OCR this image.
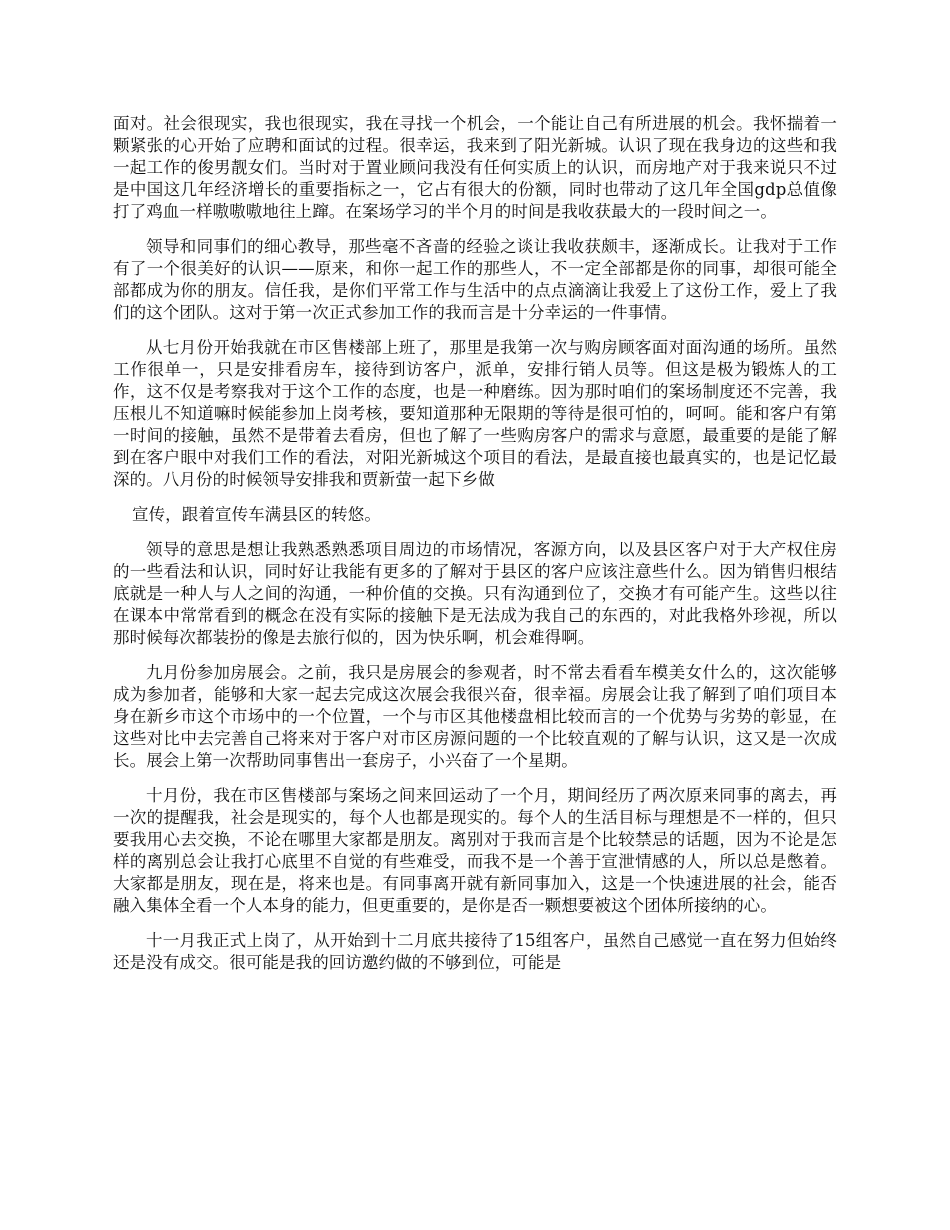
面对。社会很现实，我也很现实，我在寻找一个机会，一个能让自己有所进展的机会。我怀揣着一颗紧张的心开始了应聘和面试的过程。很幸运，我来到了阳光新城。认识了现在我身边的这些和我一起工作的俊男靓女们。当时对于置业顾问我没有任何实质上的认识，而房地产对于我来说只不过是中国这几年经济增长的重要指标之一，它占有很大的份额，同时也带动了这几年全国gdp总值像打了鸡血一样嗷嗷嗷地往上蹿。在案场学习的半个月的时间是我收获最大的一段时间之一。

领导和同事们的细心教导，那些毫不吝啬的经验之谈让我收获颇丰，逐渐成长。让我对于工作有了一个很美好的认识——原来，和你一起工作的那些人，不一定全部都是你的同事，却很可能全部都成为你的朋友。信任我，是你们平常工作与生活中的点点滴滴让我爱上了这份工作，爱上了我们的这个团队。这对于第一次正式参加工作的我而言是十分幸运的一件事情。

从七月份开始我就在市区售楼部上班了，那里是我第一次与购房顾客面对面沟通的场所。虽然工作很单一，只是安排看房车，接待到访客户，派单，安排行销人员等。但这是极为锻炼人的工作，这不仅是考察我对于这个工作的态度，也是一种磨练。因为那时咱们的案场制度还不完善，我压根儿不知道嘛时候能参加上岗考核，要知道那种无限期的等待是很可怕的，呵呵。能和客户有第一时间的接触，虽然不是带着去看房，但也了解了一些购房客户的需求与意愿，最重要的是能了解到在客户眼中对我们工作的看法，对阳光新城这个项目的看法，是最直接也最真实的，也是记忆最深的。八月份的时候领导安排我和贾新萤一起下乡做

宣传，跟着宣传车满县区的转悠。

领导的意思是想让我熟悉熟悉项目周边的市场情况，客源方向，以及县区客户对于大产权住房的一些看法和认识，同时好让我能有更多的了解对于县区的客户应该注意些什么。因为销售归根结底就是一种人与人之间的沟通，一种价值的交换。只有沟通到位了，交换才有可能产生。这些以往在课本中常常看到的概念在没有实际的接触下是无法成为我自己的东西的，对此我格外珍视，所以那时候每次都装扮的像是去旅行似的，因为快乐啊，机会难得啊。

九月份参加房展会。之前，我只是房展会的参观者，时不常去看看车模美女什么的，这次能够成为参加者，能够和大家一起去完成这次展会我很兴奋，很幸福。房展会让我了解到了咱们项目本身在新乡市这个市场中的一个位置，一个与市区其他楼盘相比较而言的一个优势与劣势的彰显，在这些对比中去完善自己将来对于客户对市区房源问题的一个比较直观的了解与认识，这又是一次成长。展会上第一次帮助同事售出一套房子，小兴奋了一个星期。

十月份，我在市区售楼部与案场之间来回运动了一个月，期间经历了两次原来同事的离去，再一次的提醒我，社会是现实的，每个人也都是现实的。每个人的生活目标与理想是不一样的，但只要我用心去交换，不论在哪里大家都是朋友。离别对于我而言是个比较禁忌的话题，因为不论是怎样的离别总会让我打心底里不自觉的有些难受，而我不是一个善于宣泄情感的人，所以总是憋着。大家都是朋友，现在是，将来也是。有同事离开就有新同事加入，这是一个快速进展的社会，能否融入集体全看一个人本身的能力，但更重要的，是你是否一颗想要被这个团体所接纳的心。

十一月我正式上岗了，从开始到十二月底共接待了15组客户，虽然自己感觉一直在努力但始终还是没有成交。很可能是我的回访邀约做的不够到位，可能是
